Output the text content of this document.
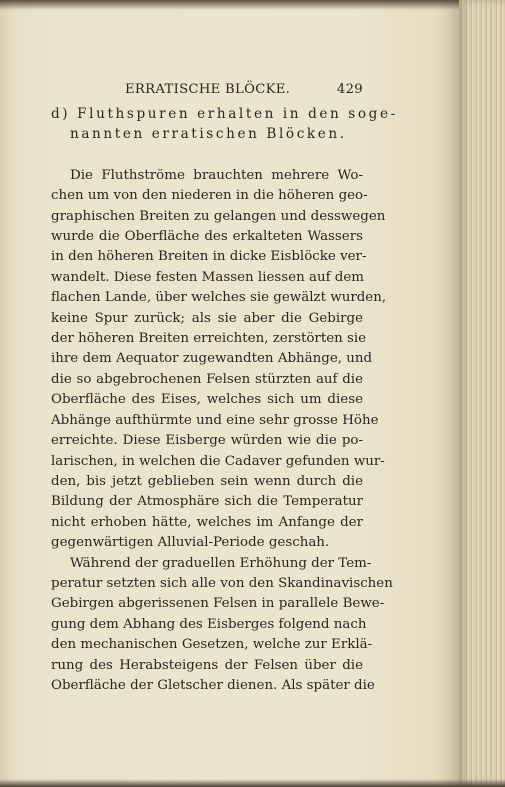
ERRATISCHE BLÖCKE.	429

d) Fluthspuren erhalten in den soge-
nannten erratischen Blöcken.

Die Fluthströme brauchten mehrere Wo-
chen um von den niederen in die höheren geo-
graphischen Breiten zu gelangen und desswegen
wurde die Oberfläche des erkalteten Wassers
in den höheren Breiten in dicke Eisblöcke ver-
wandelt. Diese festen Massen liessen auf dem
flachen Lande, über welches sie gewälzt wurden,
keine Spur zurück; als sie aber die Gebirge
der höheren Breiten erreichten, zerstörten sie
ihre dem Aequator zugewandten Abhänge, und
die so abgebrochenen Felsen stürzten auf die
Oberfläche des Eises, welches sich um diese
Abhänge aufthürmte und eine sehr grosse Höhe
erreichte. Diese Eisberge würden wie die po-
larischen, in welchen die Cadaver gefunden wur-
den, bis jetzt geblieben sein wenn durch die
Bildung der Atmosphäre sich die Temperatur
nicht erhoben hätte, welches im Anfange der
gegenwärtigen Alluvial-Periode geschah.

Während der graduellen Erhöhung der Tem-
peratur setzten sich alle von den Skandinavischen
Gebirgen abgerissenen Felsen in parallele Bewe-
gung dem Abhang des Eisberges folgend nach
den mechanischen Gesetzen, welche zur Erklä-
rung des Herabsteigens der Felsen über die
Oberfläche der Gletscher dienen. Als später die
